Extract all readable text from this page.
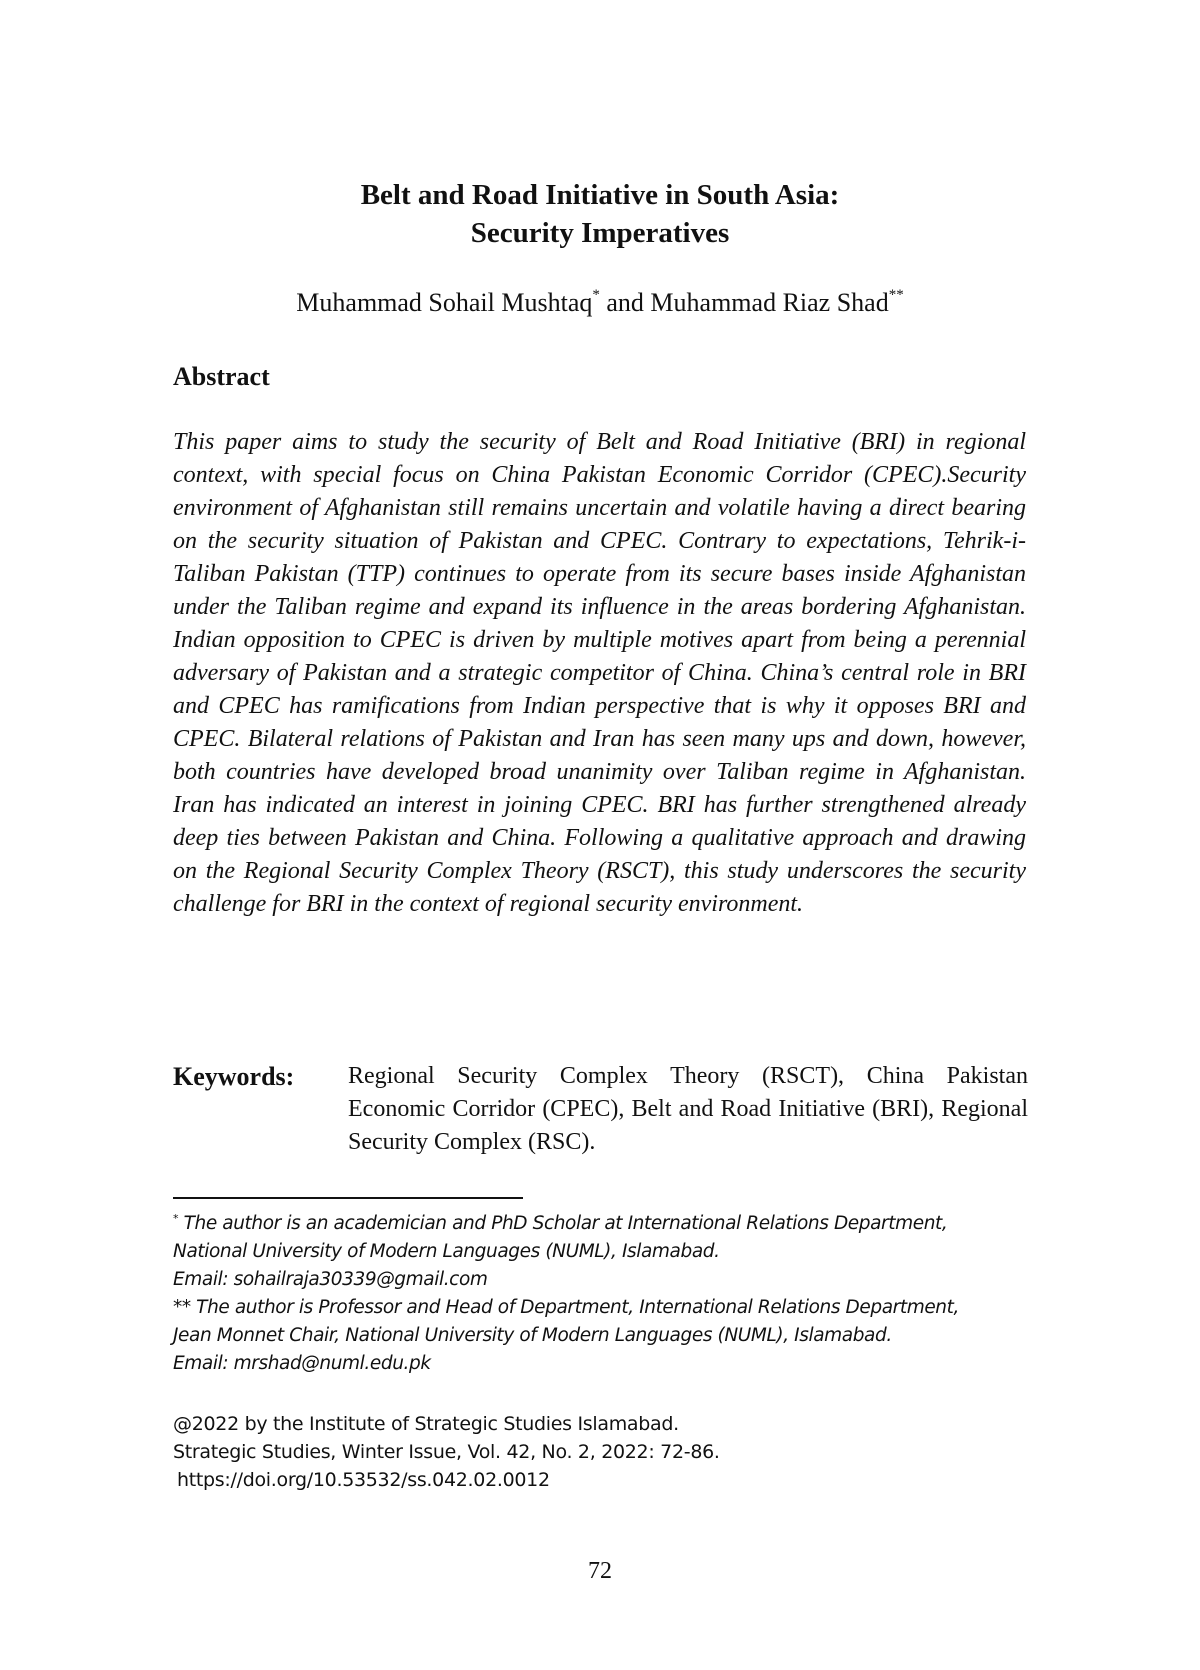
Belt and Road Initiative in South Asia:
Security Imperatives
Muhammad Sohail Mushtaq* and Muhammad Riaz Shad**
Abstract
This paper aims to study the security of Belt and Road Initiative (BRI) in regional context, with special focus on China Pakistan Economic Corridor (CPEC).Security environment of Afghanistan still remains uncertain and volatile having a direct bearing on the security situation of Pakistan and CPEC. Contrary to expectations, Tehrik-i-Taliban Pakistan (TTP) continues to operate from its secure bases inside Afghanistan under the Taliban regime and expand its influence in the areas bordering Afghanistan. Indian opposition to CPEC is driven by multiple motives apart from being a perennial adversary of Pakistan and a strategic competitor of China. China’s central role in BRI and CPEC has ramifications from Indian perspective that is why it opposes BRI and CPEC. Bilateral relations of Pakistan and Iran has seen many ups and down, however, both countries have developed broad unanimity over Taliban regime in Afghanistan. Iran has indicated an interest in joining CPEC. BRI has further strengthened already deep ties between Pakistan and China. Following a qualitative approach and drawing on the Regional Security Complex Theory (RSCT), this study underscores the security challenge for BRI in the context of regional security environment.
Keywords: Regional Security Complex Theory (RSCT), China Pakistan Economic Corridor (CPEC), Belt and Road Initiative (BRI), Regional Security Complex (RSC).
* The author is an academician and PhD Scholar at International Relations Department,
National University of Modern Languages (NUML), Islamabad.
Email: sohailraja30339@gmail.com
** The author is Professor and Head of Department, International Relations Department,
Jean Monnet Chair, National University of Modern Languages (NUML), Islamabad.
Email: mrshad@numl.edu.pk
@2022 by the Institute of Strategic Studies Islamabad.
Strategic Studies, Winter Issue, Vol. 42, No. 2, 2022: 72-86.
https://doi.org/10.53532/ss.042.02.0012
72
